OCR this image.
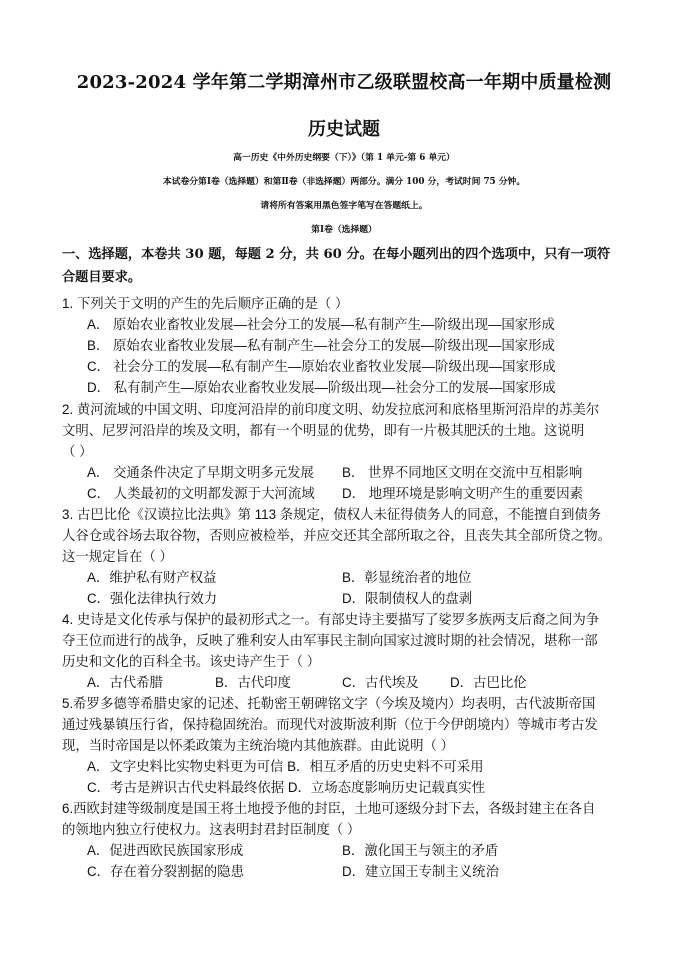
2023-2024 学年第二学期漳州市乙级联盟校高一年期中质量检测
历史试题
高一历史《中外历史纲要（下）》（第 1 单元-第 6 单元）
本试卷分第Ⅰ卷（选择题）和第Ⅱ卷（非选择题）两部分。满分 100 分，考试时间 75 分钟。
请将所有答案用黑色签字笔写在答题纸上。
第Ⅰ卷（选择题）
一、选择题，本卷共 30 题，每题 2 分，共 60 分。在每小题列出的四个选项中，只有一项符
合题目要求。
1. 下列关于文明的产生的先后顺序正确的是（ ）
A． 原始农业畜牧业发展—社会分工的发展—私有制产生—阶级出现—国家形成
B． 原始农业畜牧业发展—私有制产生—社会分工的发展—阶级出现—国家形成
C． 社会分工的发展—私有制产生—原始农业畜牧业发展—阶级出现—国家形成
D． 私有制产生—原始农业畜牧业发展—阶级出现—社会分工的发展—国家形成
2. 黄河流域的中国文明、印度河沿岸的前印度文明、幼发拉底河和底格里斯河沿岸的苏美尔
文明、尼罗河沿岸的埃及文明，都有一个明显的优势，即有一片极其肥沃的土地。这说明
（ ）
A． 交通条件决定了早期文明多元发展 B． 世界不同地区文明在交流中互相影响
C． 人类最初的文明都发源于大河流域 D． 地理环境是影响文明产生的重要因素
3. 古巴比伦《汉谟拉比法典》第 113 条规定，债权人未征得债务人的同意，不能擅自到债务
人谷仓或谷场去取谷物，否则应被检举，并应交还其全部所取之谷，且丧失其全部所贷之物。
这一规定旨在（ ）
A．维护私有财产权益	B．彰显统治者的地位
C．强化法律执行效力	D．限制债权人的盘剥
4. 史诗是文化传承与保护的最初形式之一。有部史诗主要描写了娑罗多族两支后裔之间为争
夺王位而进行的战争，反映了雅利安人由军事民主制向国家过渡时期的社会情况，堪称一部
历史和文化的百科全书。该史诗产生于（ ）
A．古代希腊	B．古代印度	C．古代埃及 D．古巴比伦
5.希罗多德等希腊史家的记述、托勒密王朝碑铭文字（今埃及境内）均表明，古代波斯帝国
通过残暴镇压行省，保持稳固统治。而现代对波斯波利斯（位于今伊朗境内）等城市考古发
现，当时帝国是以怀柔政策为主统治境内其他族群。由此说明（ ）
A．文字史料比实物史料更为可信 B．相互矛盾的历史史料不可采用
C．考古是辨识古代史料最终依据 D．立场态度影响历史记载真实性
6.西欧封建等级制度是国王将土地授予他的封臣，土地可逐级分封下去，各级封建主在各自
的领地内独立行使权力。这表明封君封臣制度（ ）
A．促进西欧民族国家形成	B．激化国王与领主的矛盾
C．存在着分裂割据的隐患	D．建立国王专制主义统治
